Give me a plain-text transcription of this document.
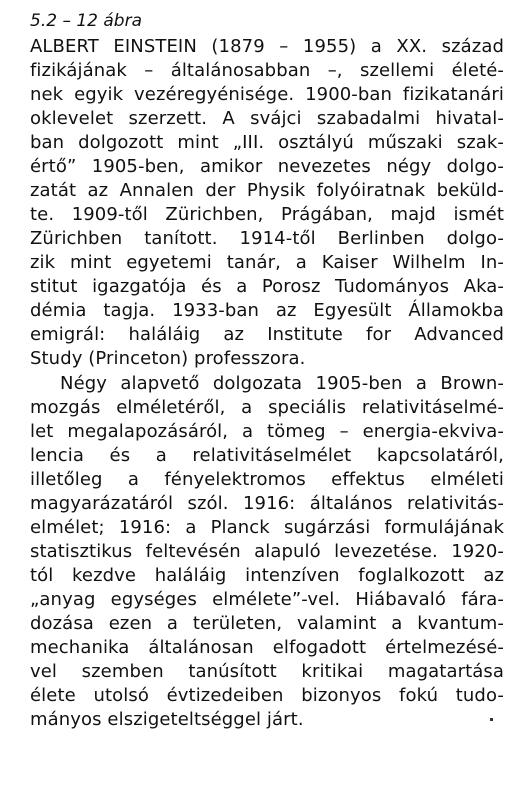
5.2 – 12 ábra
ALBERT EINSTEIN (1879 – 1955) a XX. század
fizikájának – általánosabban –, szellemi életé-
nek egyik vezéregyénisége. 1900-ban fizikatanári
oklevelet szerzett. A svájci szabadalmi hivatal-
ban dolgozott mint „III. osztályú műszaki szak-
értő” 1905-ben, amikor nevezetes négy dolgo-
zatát az Annalen der Physik folyóiratnak beküld-
te. 1909-től Zürichben, Prágában, majd ismét
Zürichben tanított. 1914-től Berlinben dolgo-
zik mint egyetemi tanár, a Kaiser Wilhelm In-
stitut igazgatója és a Porosz Tudományos Aka-
démia tagja. 1933-ban az Egyesült Államokba
emigrál: haláláig az Institute for Advanced
Study (Princeton) professzora.
Négy alapvető dolgozata 1905-ben a Brown-
mozgás elméletéről, a speciális relativitáselmé-
let megalapozásáról, a tömeg – energia-ekviva-
lencia és a relativitáselmélet kapcsolatáról,
illetőleg a fényelektromos effektus elméleti
magyarázatáról szól. 1916: általános relativitás-
elmélet; 1916: a Planck sugárzási formulájának
statisztikus feltevésén alapuló levezetése. 1920-
tól kezdve haláláig intenzíven foglalkozott az
„anyag egységes elmélete”-vel. Hiábavaló fára-
dozása ezen a területen, valamint a kvantum-
mechanika általánosan elfogadott értelmezésé-
vel szemben tanúsított kritikai magatartása
élete utolsó évtizedeiben bizonyos fokú tudo-
mányos elszigeteltséggel járt.
